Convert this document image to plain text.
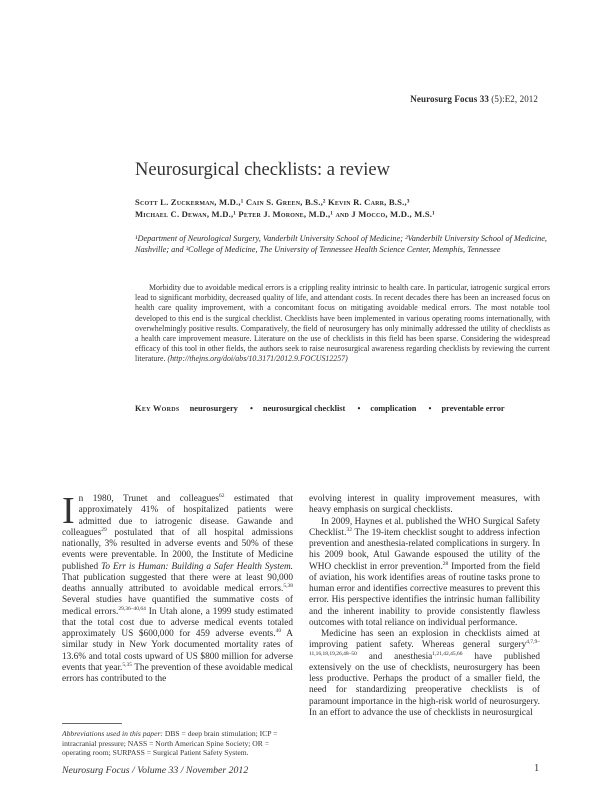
Neurosurg Focus 33 (5):E2, 2012
Neurosurgical checklists: a review
Scott L. Zuckerman, M.D.,¹ Cain S. Green, B.S.,² Kevin R. Carr, B.S.,³
Michael C. Dewan, M.D.,¹ Peter J. Morone, M.D.,¹ and J Mocco, M.D., M.S.¹
¹Department of Neurological Surgery, Vanderbilt University School of Medicine; ²Vanderbilt University School of Medicine, Nashville; and ³College of Medicine, The University of Tennessee Health Science Center, Memphis, Tennessee
Morbidity due to avoidable medical errors is a crippling reality intrinsic to health care. In particular, iatrogenic surgical errors lead to significant morbidity, decreased quality of life, and attendant costs. In recent decades there has been an increased focus on health care quality improvement, with a concomitant focus on mitigating avoidable medical errors. The most notable tool developed to this end is the surgical checklist. Checklists have been implemented in various operating rooms internationally, with overwhelmingly positive results. Comparatively, the field of neurosurgery has only minimally addressed the utility of checklists as a health care improvement measure. Literature on the use of checklists in this field has been sparse. Considering the widespread efficacy of this tool in other fields, the authors seek to raise neurosurgical awareness regarding checklists by reviewing the current literature. (http://thejns.org/doi/abs/10.3171/2012.9.FOCUS12257)
Key Words neurosurgery	• neurosurgical checklist	• complication	• preventable error

In 1980, Trunet and colleagues$^{62}$ estimated that approximately 41% of hospitalized patients were admitted due to iatrogenic disease. Gawande and colleagues$^{29}$ postulated that of all hospital admissions nationally, 3% resulted in adverse events and 50% of these events were preventable. In 2000, the Institute of Medicine published To Err is Human: Building a Safer Health System. That publication suggested that there were at least 90,000 deaths annually attributed to avoidable medical errors.$^{5,38}$ Several studies have quantified the summative costs of medical errors.$^{29,36-40,64}$ In Utah alone, a 1999 study estimated that the total cost due to adverse medical events totaled approximately US $600,000 for 459 adverse events.$^{40}$ A similar study in New York documented mortality rates of 13.6% and total costs upward of US $800 million for adverse events that year.$^{5,35}$ The prevention of these avoidable medical errors has contributed to the

evolving interest in quality improvement measures, with heavy emphasis on surgical checklists.

In 2009, Haynes et al. published the WHO Surgical Safety Checklist.$^{32}$ The 19-item checklist sought to address infection prevention and anesthesia-related complications in surgery. In his 2009 book, Atul Gawande espoused the utility of the WHO checklist in error prevention.$^{28}$ Imported from the field of aviation, his work identifies areas of routine tasks prone to human error and identifies corrective measures to prevent this error. His perspective identifies the intrinsic human fallibility and the inherent inability to provide consistently flawless outcomes with total reliance on individual performance.

Medicine has seen an explosion in checklists aimed at improving patient safety. Whereas general surgery$^{4,7,9-11,16,18,19,26,48-50}$ and anesthesia$^{1,21,42,45,66}$ have published extensively on the use of checklists, neurosurgery has been less productive. Perhaps the product of a smaller field, the need for standardizing preoperative checklists is of paramount importance in the high-risk world of neurosurgery. In an effort to advance the use of checklists in neurosurgical

Abbreviations used in this paper: DBS = deep brain stimulation; ICP = intracranial pressure; NASS = North American Spine Society; OR = operating room; SURPASS = Surgical Patient Safety System.
Neurosurg Focus / Volume 33 / November 2012	1
